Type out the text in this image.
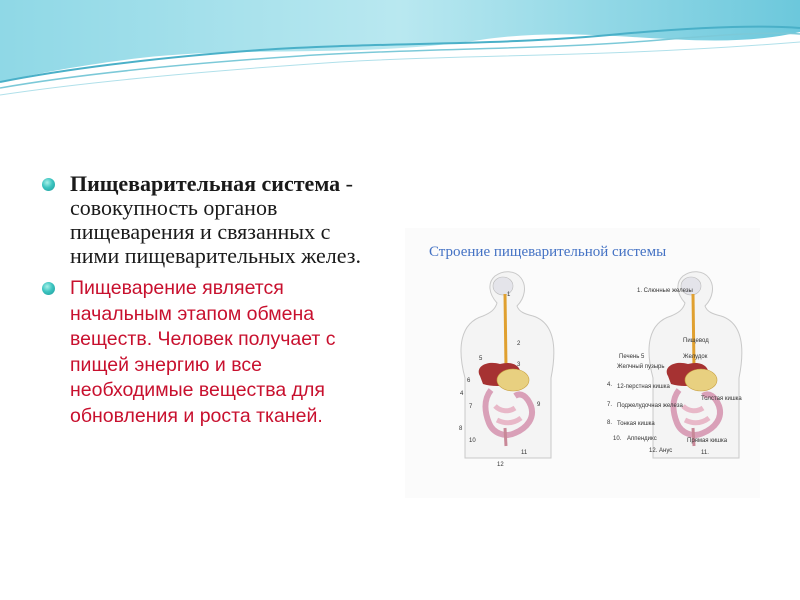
Пищеварительная система - совокупность органов пищеварения и связанных с ними пищеварительных желез.
Пищеварение является начальным этапом обмена веществ. Человек получает с пищей энергию и все необходимые вещества для обновления и роста тканей.
Строение пищеварительной системы
1
2
3
4
5
6
7
8
9
10
11
12
1. Слюнные железы
Пищевод
Печень 5	Желудок
Желчный пузырь
4. 12-перстная кишка
Поджелудочная железа
7.
Толстая кишка
Тонкая кишка
8.
Аппендикс
10.	Прямая кишка
12. Анус	11.
